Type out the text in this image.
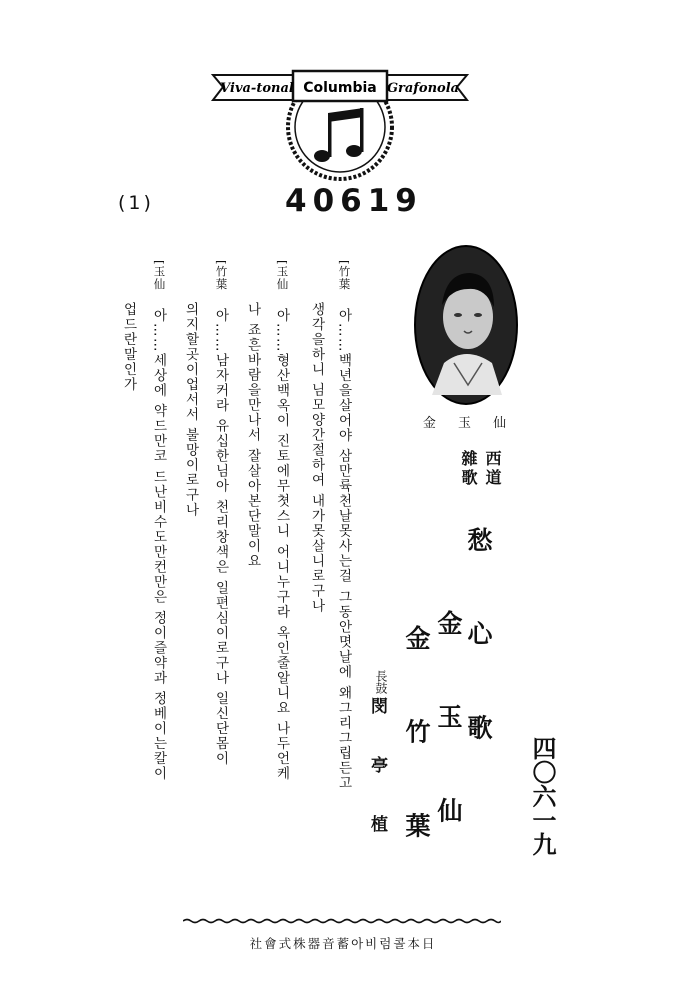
Viva-tonal Columbia Grafonola
(1)	40619
金 玉 仙
西道
雜歌
愁 心 歌
金 玉 仙
金 竹 葉
長鼓
閔 亭 植	四〇六一九
[ 竹葉
아……백년을살어야 삼만륙천날못사는걸 그동안몃날에 왜그리그립든고
생각을하니 님모양간절하여 내가못살니로구나
[ 玉仙
아……형산백옥이 진토에무쳣스니 어니누구라 옥인줄알니요 나두언케
나 죠흔바람을만나서 잘살아본단말이요
[ 竹葉
아……남자커라 유십한님아 천리창색은 일편심이로구나 일신단몸이
의지할곳이업서서 불망이로구나
[ 玉仙
아……세상에 약드만코 드난비수도만컨만은 정이즐약과 정베이는칼이
업드란말인가
日本콜럼비아蓄音器株式會社
